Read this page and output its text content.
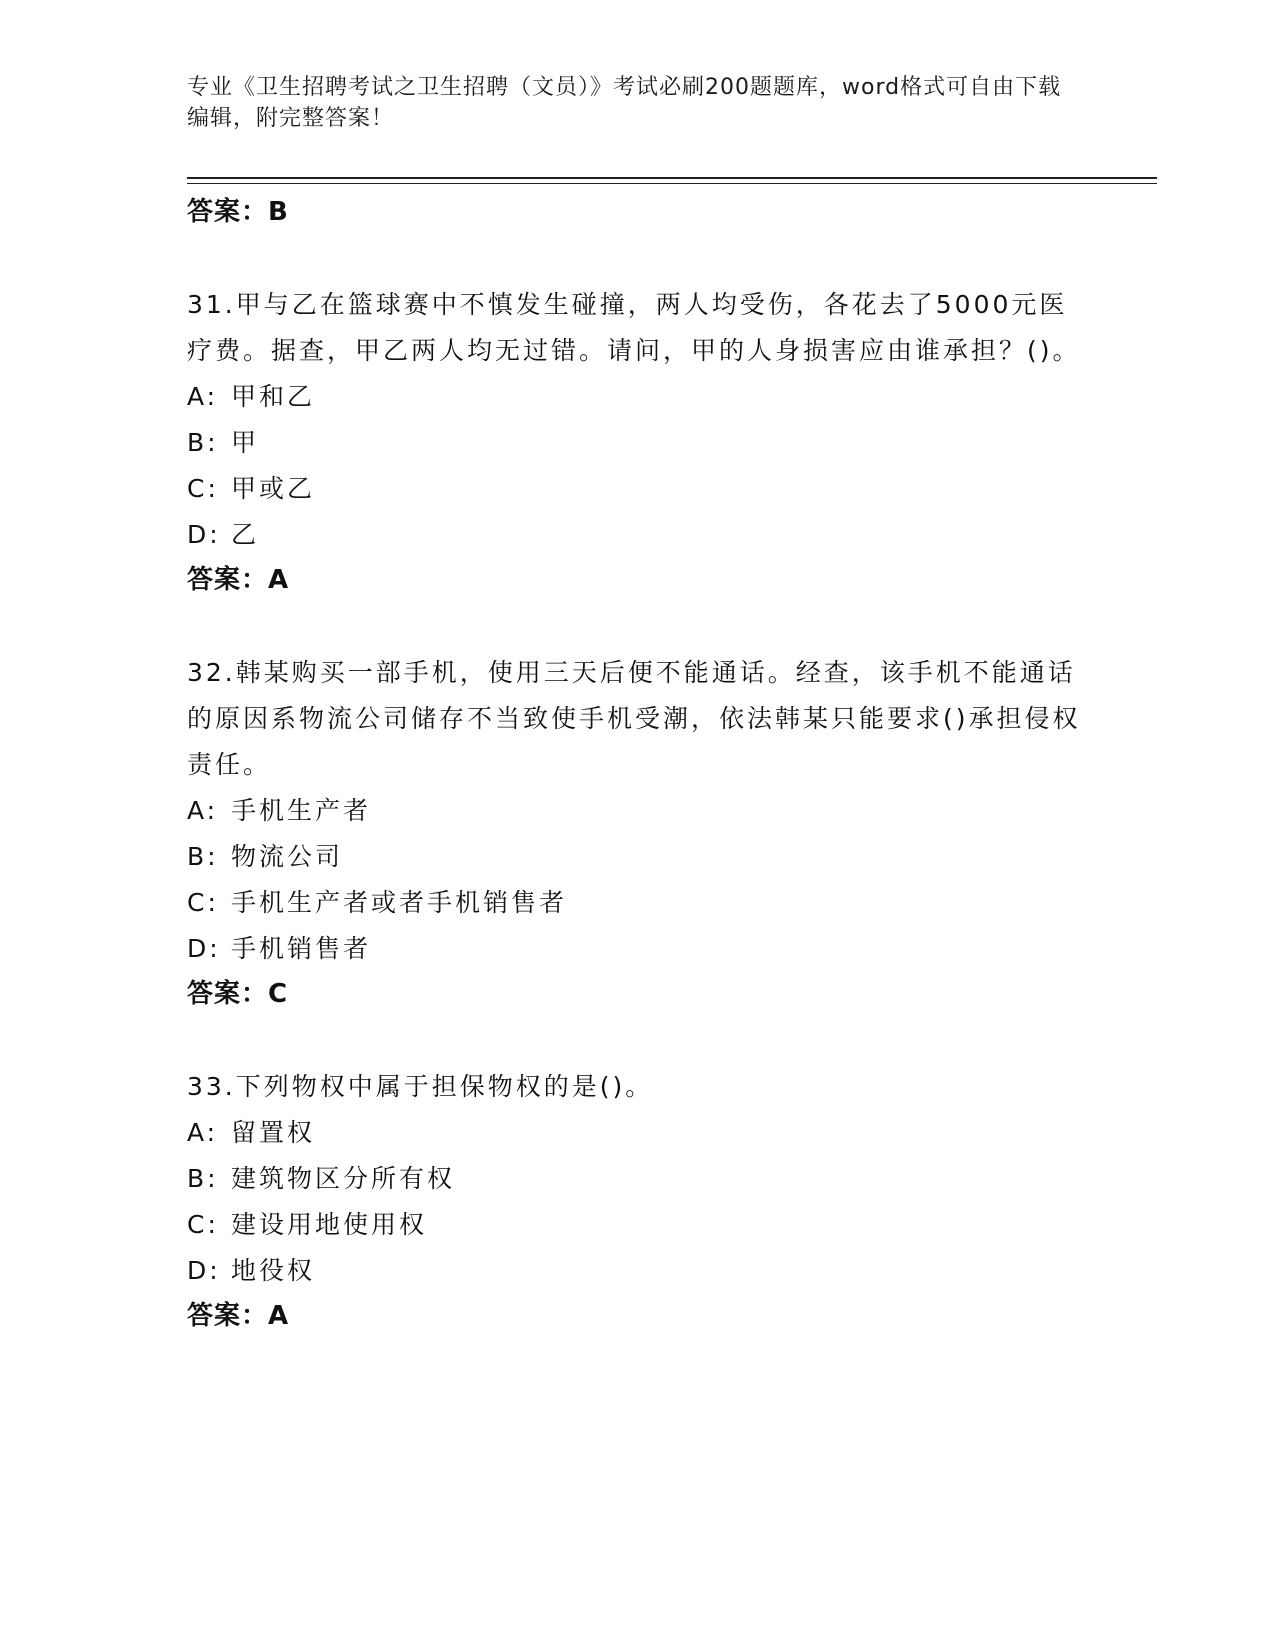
专业《卫生招聘考试之卫生招聘（文员）》考试必刷200题题库，word格式可自由下载编辑，附完整答案！
答案：B

31.甲与乙在篮球赛中不慎发生碰撞，两人均受伤，各花去了5000元医疗费。据查，甲乙两人均无过错。请问，甲的人身损害应由谁承担？()。

A: 甲和乙
B: 甲
C: 甲或乙
D: 乙
答案：A

32.韩某购买一部手机，使用三天后便不能通话。经查，该手机不能通话的原因系物流公司储存不当致使手机受潮，依法韩某只能要求()承担侵权责任。

A: 手机生产者
B: 物流公司
C: 手机生产者或者手机销售者
D: 手机销售者
答案：C

33.下列物权中属于担保物权的是()。

A: 留置权
B: 建筑物区分所有权
C: 建设用地使用权
D: 地役权
答案：A
